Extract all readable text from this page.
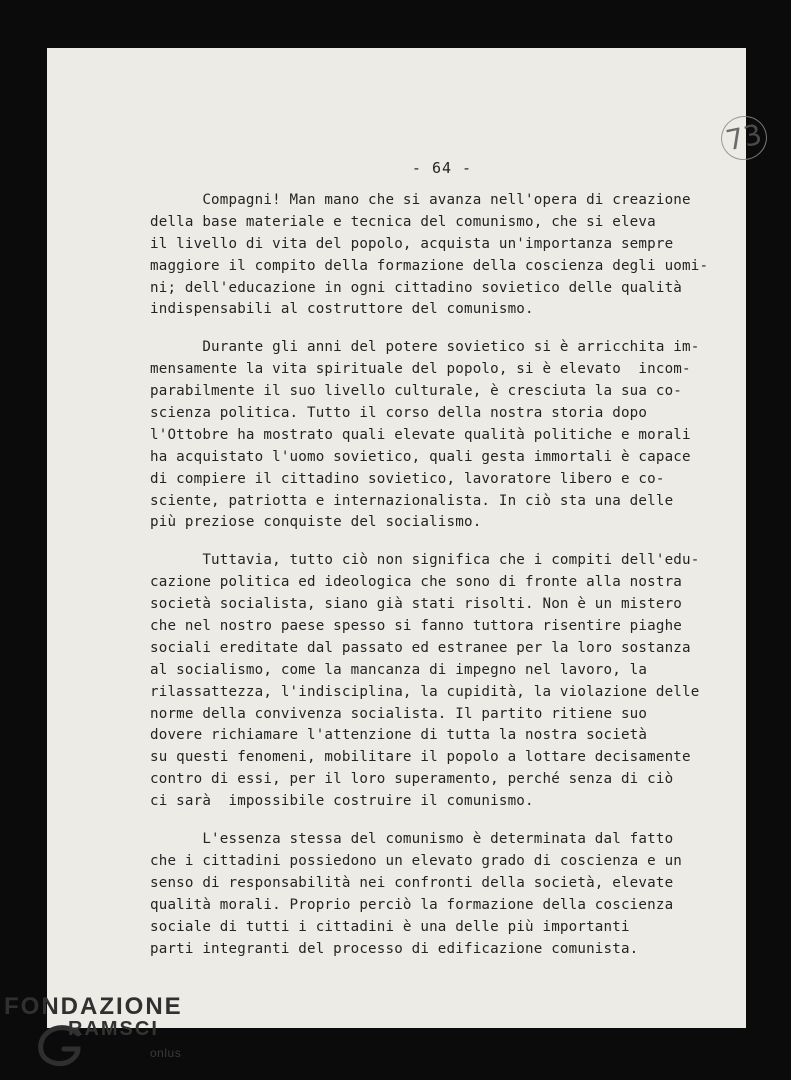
73
- 64 -
Compagni! Man mano che si avanza nell'opera di creazione
della base materiale e tecnica del comunismo, che si eleva
il livello di vita del popolo, acquista un'importanza sempre
maggiore il compito della formazione della coscienza degli uomi-
ni; dell'educazione in ogni cittadino sovietico delle qualità
indispensabili al costruttore del comunismo.
Durante gli anni del potere sovietico si è arricchita im-
mensamente la vita spirituale del popolo, si è elevato  incom-
parabilmente il suo livello culturale, è cresciuta la sua co-
scienza politica. Tutto il corso della nostra storia dopo
l'Ottobre ha mostrato quali elevate qualità politiche e morali
ha acquistato l'uomo sovietico, quali gesta immortali è capace
di compiere il cittadino sovietico, lavoratore libero e co-
sciente, patriotta e internazionalista. In ciò sta una delle
più preziose conquiste del socialismo.
Tuttavia, tutto ciò non significa che i compiti dell'edu-
cazione politica ed ideologica che sono di fronte alla nostra
società socialista, siano già stati risolti. Non è un mistero
che nel nostro paese spesso si fanno tuttora risentire piaghe
sociali ereditate dal passato ed estranee per la loro sostanza
al socialismo, come la mancanza di impegno nel lavoro, la
rilassattezza, l'indisciplina, la cupidità, la violazione delle
norme della convivenza socialista. Il partito ritiene suo
dovere richiamare l'attenzione di tutta la nostra società
su questi fenomeni, mobilitare il popolo a lottare decisamente
contro di essi, per il loro superamento, perché senza di ciò
ci sarà  impossibile costruire il comunismo.
L'essenza stessa del comunismo è determinata dal fatto
che i cittadini possiedono un elevato grado di coscienza e un
senso di responsabilità nei confronti della società, elevate
qualità morali. Proprio perciò la formazione della coscienza
sociale di tutti i cittadini è una delle più importanti
parti integranti del processo di edificazione comunista.
FONDAZIONE
RAMSCI
onlus
